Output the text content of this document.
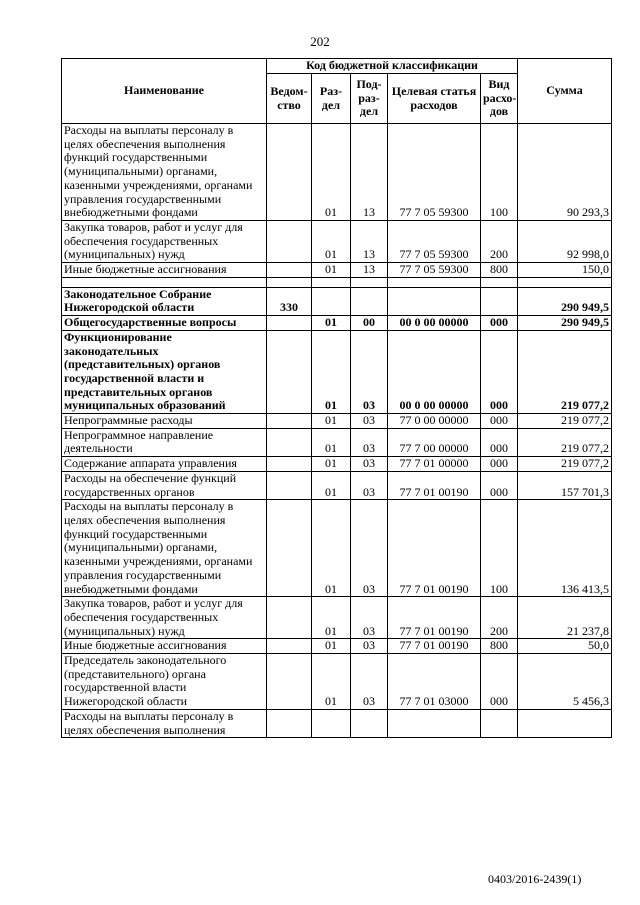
202
Наименование	Код бюджетной классификации					Сумма
	Ведом-ство	Раз-дел	Под-раз-дел	Целевая статья расходов	Вид расхо-дов	
Расходы на выплаты персоналу в целях обеспечения выполнения функций государственными (муниципальными) органами, казенными учреждениями, органами управления государственными внебюджетными фондами		01	13	77 7 05 59300	100	90 293,3
Закупка товаров, работ и услуг для обеспечения государственных (муниципальных) нужд		01	13	77 7 05 59300	200	92 998,0
Иные бюджетные ассигнования		01	13	77 7 05 59300	800	150,0

Законодательное Собрание Нижегородской области	330					290 949,5
Общегосударственные вопросы		01	00	00 0 00 00000	000	290 949,5
Функционирование законодательных (представительных) органов государственной власти и представительных органов муниципальных образований		01	03	00 0 00 00000	000	219 077,2
Непрограммные расходы		01	03	77 0 00 00000	000	219 077,2
Непрограммное направление деятельности		01	03	77 7 00 00000	000	219 077,2
Содержание аппарата управления		01	03	77 7 01 00000	000	219 077,2
Расходы на обеспечение функций государственных органов		01	03	77 7 01 00190	000	157 701,3
Расходы на выплаты персоналу в целях обеспечения выполнения функций государственными (муниципальными) органами, казенными учреждениями, органами управления государственными внебюджетными фондами		01	03	77 7 01 00190	100	136 413,5
Закупка товаров, работ и услуг для обеспечения государственных (муниципальных) нужд		01	03	77 7 01 00190	200	21 237,8
Иные бюджетные ассигнования		01	03	77 7 01 00190	800	50,0
Председатель законодательного (представительного) органа государственной власти Нижегородской области		01	03	77 7 01 03000	000	5 456,3
Расходы на выплаты персоналу в целях обеспечения выполнения						
0403/2016-2439(1)
